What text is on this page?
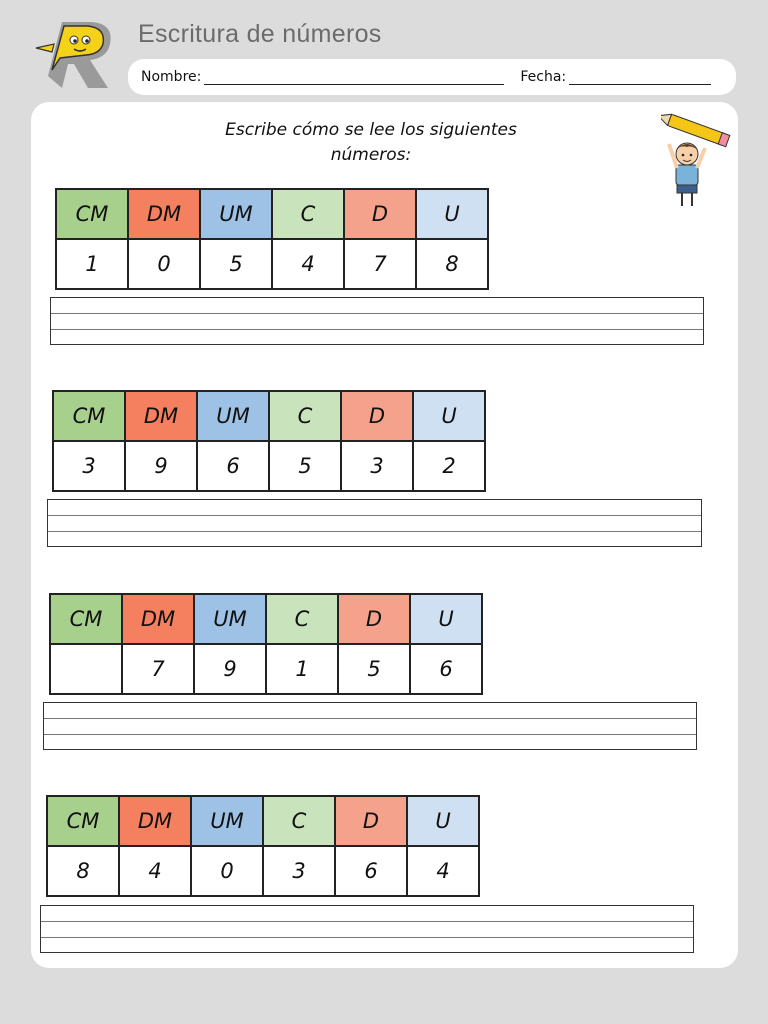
Escritura de números
Nombre:	Fecha:
Escribe cómo se lee los siguientes
números:
CM	DM	UM	C	D	U
1	0	5	4	7	8
CM	DM	UM	C	D	U
3	9	6	5	3	2
CM	DM	UM	C	D	U
	7	9	1	5	6
CM	DM	UM	C	D	U
8	4	0	3	6	4
